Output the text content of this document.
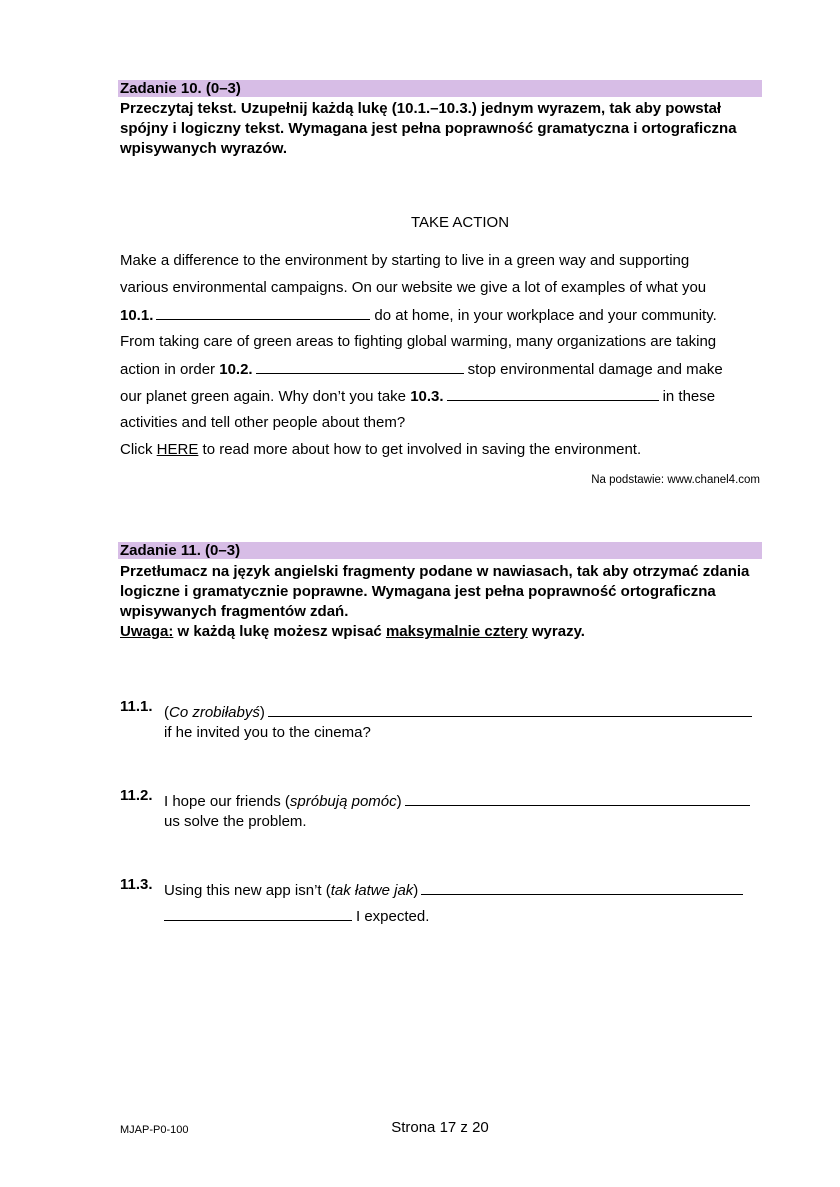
Zadanie 10. (0–3)
Przeczytaj tekst. Uzupełnij każdą lukę (10.1.–10.3.) jednym wyrazem, tak aby powstał spójny i logiczny tekst. Wymagana jest pełna poprawność gramatyczna i ortograficzna wpisywanych wyrazów.
TAKE ACTION
Make a difference to the environment by starting to live in a green way and supporting
various environmental campaigns. On our website we give a lot of examples of what you
10.1.	do at home, in your workplace and your community.
From taking care of green areas to fighting global warming, many organizations are taking
action in order 10.2.	stop environmental damage and make
our planet green again. Why don’t you take 10.3.	in these
activities and tell other people about them?
Click HERE to read more about how to get involved in saving the environment.
Na podstawie: www.chanel4.com
Zadanie 11. (0–3)
Przetłumacz na język angielski fragmenty podane w nawiasach, tak aby otrzymać zdania logiczne i gramatycznie poprawne. Wymagana jest pełna poprawność ortograficzna wpisywanych fragmentów zdań.
Uwaga: w każdą lukę możesz wpisać maksymalnie cztery wyrazy.
11.1. (Co zrobiłabyś)
if he invited you to the cinema?
11.2. I hope our friends (spróbują pomóc)
us solve the problem.
11.3. Using this new app isn’t (tak łatwe jak)
I expected.
MJAP-P0-100	Strona 17 z 20
